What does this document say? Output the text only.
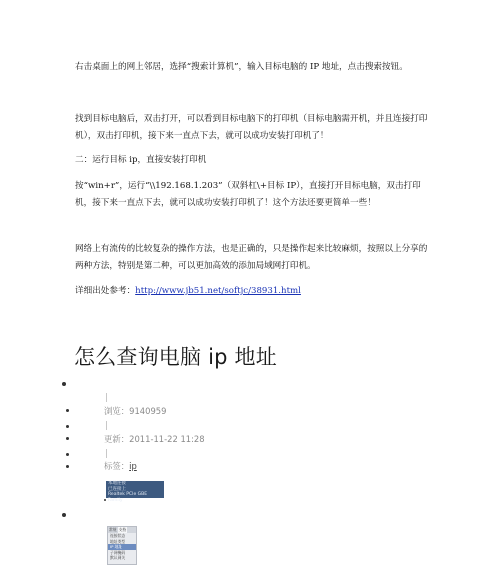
右击桌面上的网上邻居，选择“搜索计算机”，输入目标电脑的 IP 地址，点击搜索按钮。

找到目标电脑后，双击打开，可以看到目标电脑下的打印机（目标电脑需开机，并且连接打印机），双击打印机，接下来一直点下去，就可以成功安装打印机了！

二：运行目标 ip，直接安装打印机

按“win+r”，运行“\\192.168.1.203”（双斜杠\+目标 IP），直接打开目标电脑，双击打印机，接下来一直点下去，就可以成功安装打印机了！这个方法还要更简单一些！

网络上有流传的比较复杂的操作方法，也是正确的，只是操作起来比较麻烦，按照以上分享的两种方法，特别是第二种，可以更加高效的添加局域网打印机。

详细出处参考：http://www.jb51.net/softjc/38931.html

怎么查询电脑 ip 地址
浏览：9140959
更新：2011-11-22 11:28
标签：ip
本地连接
已连接上
Realtek PCIe GBE Family
常规 支持
连接状态
地址类型
IP 地址
子网掩码
默认网关
